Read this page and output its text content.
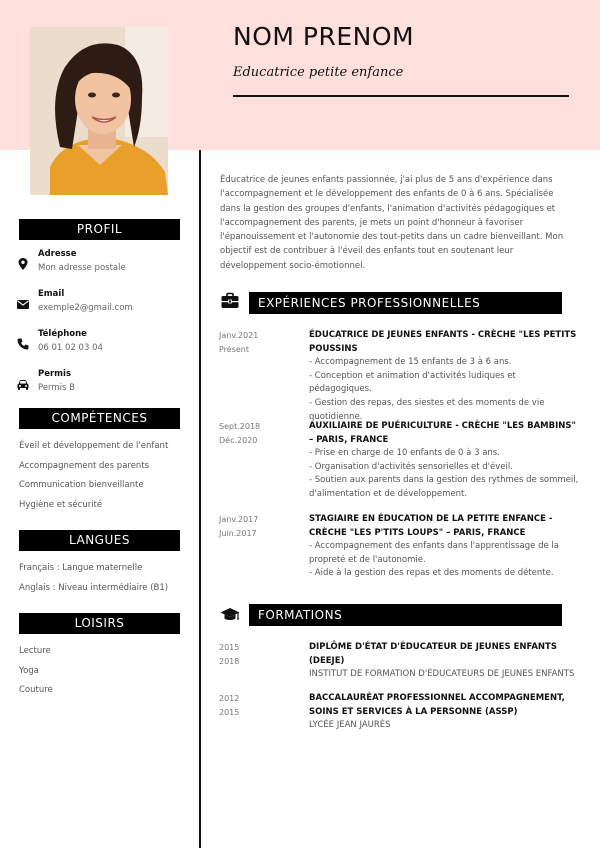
NOM PRENOM
Educatrice petite enfance
PROFIL
Adresse
Mon adresse postale
Email
exemple2@gmail.com
Téléphone
06 01 02 03 04
Permis
Permis B
COMPÉTENCES
Éveil et développement de l'enfant
Accompagnement des parents
Communication bienveillante
Hygiène et sécurité
LANGUES
Français : Langue maternelle
Anglais : Niveau intermédiaire (B1)
LOISIRS
Lecture
Yoga
Couture
Éducatrice de jeunes enfants passionnée, j'ai plus de 5 ans d'expérience dans l'accompagnement et le développement des enfants de 0 à 6 ans. Spécialisée dans la gestion des groupes d'enfants, l'animation d'activités pédagogiques et l'accompagnement des parents, je mets un point d'honneur à favoriser l'épanouissement et l'autonomie des tout-petits dans un cadre bienveillant. Mon objectif est de contribuer à l'éveil des enfants tout en soutenant leur développement socio-émotionnel.
EXPÉRIENCES PROFESSIONNELLES
Janv.2021
Présent
ÉDUCATRICE DE JEUNES ENFANTS - CRÈCHE "LES PETITS POUSSINS
- Accompagnement de 15 enfants de 3 à 6 ans.
- Conception et animation d'activités ludiques et pédagogiques.
- Gestion des repas, des siestes et des moments de vie quotidienne.
Sept.2018
Déc.2020
AUXILIAIRE DE PUÉRICULTURE - CRÈCHE "LES BAMBINS" – PARIS, FRANCE
- Prise en charge de 10 enfants de 0 à 3 ans.
- Organisation d'activités sensorielles et d'éveil.
- Soutien aux parents dans la gestion des rythmes de sommeil, d'alimentation et de développement.
Janv.2017
Juin.2017
STAGIAIRE EN ÉDUCATION DE LA PETITE ENFANCE - CRÈCHE "LES P'TITS LOUPS" – PARIS, FRANCE
- Accompagnement des enfants dans l'apprentissage de la propreté et de l'autonomie.
- Aide à la gestion des repas et des moments de détente.
FORMATIONS
2015
2018
DIPLÔME D'ÉTAT D'ÉDUCATEUR DE JEUNES ENFANTS (DEEJE)
INSTITUT DE FORMATION D'ÉDUCATEURS DE JEUNES ENFANTS
2012
2015
BACCALAURÉAT PROFESSIONNEL ACCOMPAGNEMENT, SOINS ET SERVICES À LA PERSONNE (ASSP)
LYCÉE JEAN JAURÈS
